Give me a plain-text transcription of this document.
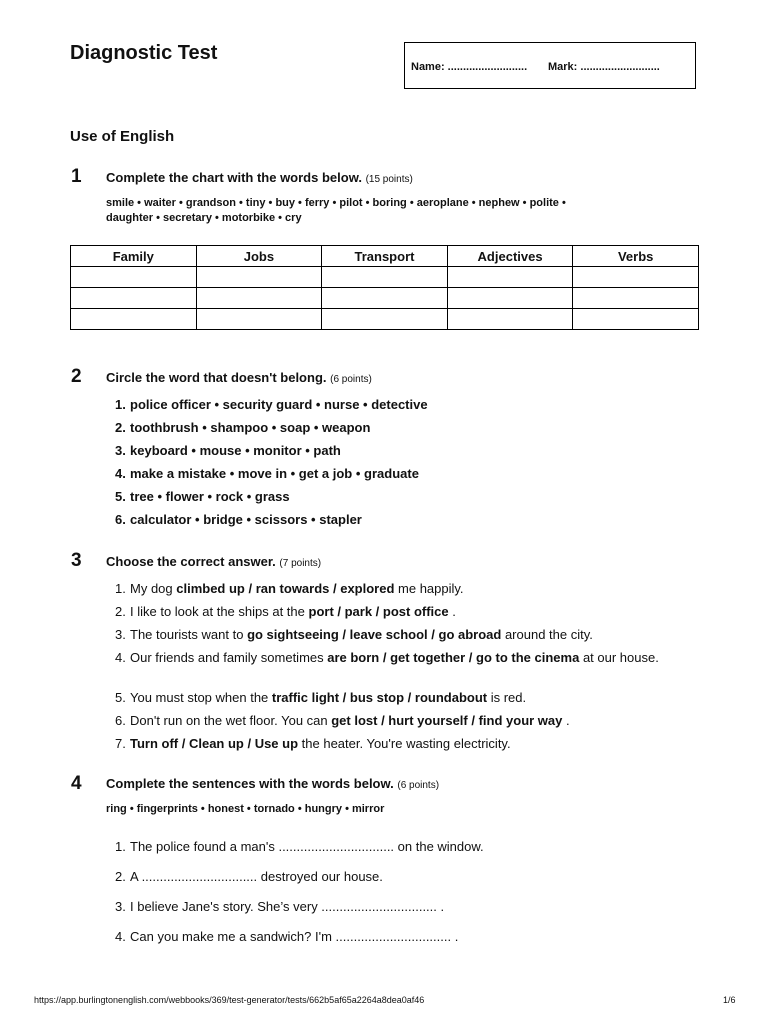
Diagnostic Test
Name: .......................... Mark: ..........................
Use of English
1 Complete the chart with the words below. (15 points)
smile • waiter • grandson • tiny • buy • ferry • pilot • boring • aeroplane • nephew • polite •
daughter • secretary • motorbike • cry
Family	Jobs	Transport	Adjectives	Verbs

2 Circle the word that doesn't belong. (6 points)
1. police officer • security guard • nurse • detective
2. toothbrush • shampoo • soap • weapon
3. keyboard • mouse • monitor • path
4. make a mistake • move in • get a job • graduate
5. tree • flower • rock • grass
6. calculator • bridge • scissors • stapler
3 Choose the correct answer. (7 points)
1. My dog climbed up / ran towards / explored me happily.
2. I like to look at the ships at the port / park / post office .
3. The tourists want to go sightseeing / leave school / go abroad around the city.
4. Our friends and family sometimes are born / get together / go to the cinema at our house.
5. You must stop when the traffic light / bus stop / roundabout is red.
6. Don't run on the wet floor. You can get lost / hurt yourself / find your way .
7. Turn off / Clean up / Use up the heater. You're wasting electricity.
4 Complete the sentences with the words below. (6 points)
ring • fingerprints • honest • tornado • hungry • mirror
1. The police found a man's ................................ on the window.
2. A ................................ destroyed our house.
3. I believe Jane's story. She’s very ................................ .
4. Can you make me a sandwich? I'm ................................ .
https://app.burlingtonenglish.com/webbooks/369/test-generator/tests/662b5af65a2264a8dea0af46	1/6
